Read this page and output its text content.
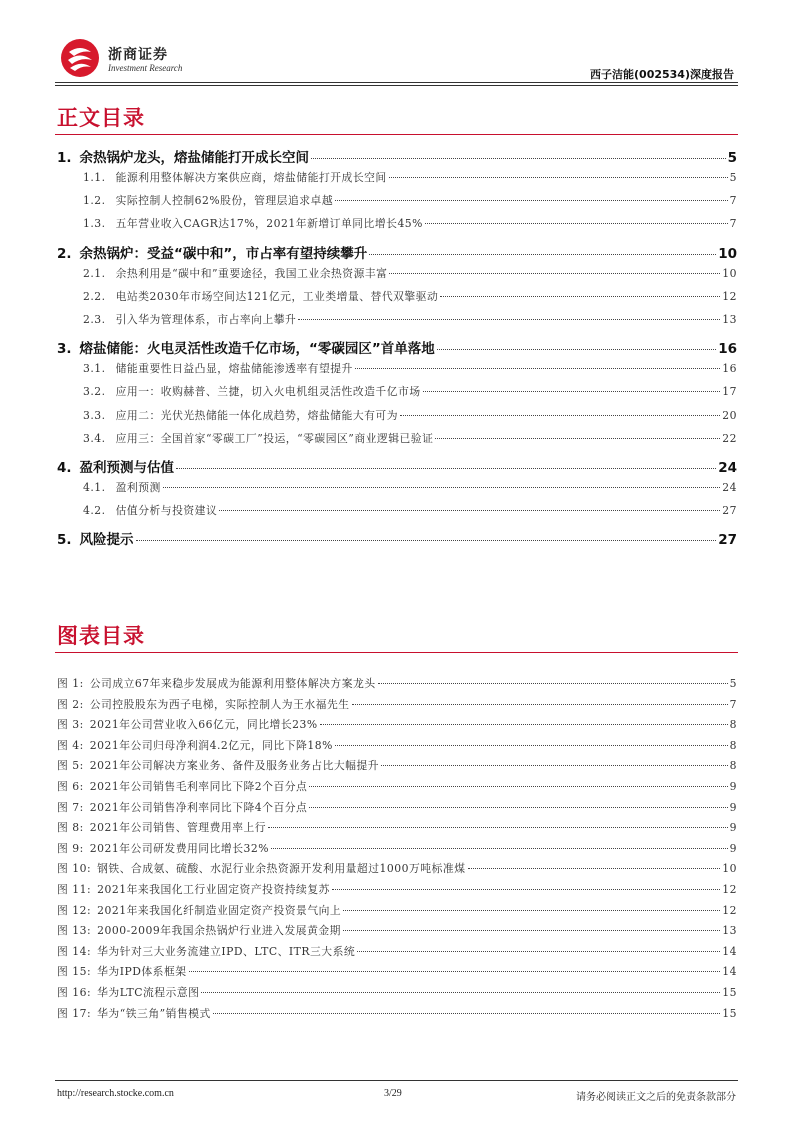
浙商证券
Investment Research	西子洁能(002534)深度报告
正文目录
1. 余热锅炉龙头，熔盐储能打开成长空间	5
1.1. 能源利用整体解决方案供应商，熔盐储能打开成长空间	5
1.2. 实际控制人控制62%股份，管理层追求卓越	7
1.3. 五年营业收入CAGR达17%，2021年新增订单同比增长45%	7
2. 余热锅炉：受益“碳中和”，市占率有望持续攀升	10
2.1. 余热利用是“碳中和”重要途径，我国工业余热资源丰富	10
2.2. 电站类2030年市场空间达121亿元，工业类增量、替代双擎驱动	12
2.3. 引入华为管理体系，市占率向上攀升	13
3. 熔盐储能：火电灵活性改造千亿市场，“零碳园区”首单落地	16
3.1. 储能重要性日益凸显，熔盐储能渗透率有望提升	16
3.2. 应用一：收购赫普、兰捷，切入火电机组灵活性改造千亿市场	17
3.3. 应用二：光伏光热储能一体化成趋势，熔盐储能大有可为	20
3.4. 应用三：全国首家“零碳工厂”投运，“零碳园区”商业逻辑已验证	22
4. 盈利预测与估值	24
4.1. 盈利预测	24
4.2. 估值分析与投资建议	27
5. 风险提示	27
图表目录
图 1: 公司成立67年来稳步发展成为能源利用整体解决方案龙头	5
图 2: 公司控股股东为西子电梯，实际控制人为王水福先生	7
图 3: 2021年公司营业收入66亿元，同比增长23%	8
图 4: 2021年公司归母净利润4.2亿元，同比下降18%	8
图 5: 2021年公司解决方案业务、备件及服务业务占比大幅提升	8
图 6: 2021年公司销售毛利率同比下降2个百分点	9
图 7: 2021年公司销售净利率同比下降4个百分点	9
图 8: 2021年公司销售、管理费用率上行	9
图 9: 2021年公司研发费用同比增长32%	9
图 10: 钢铁、合成氨、硫酸、水泥行业余热资源开发利用量超过1000万吨标准煤	10
图 11: 2021年来我国化工行业固定资产投资持续复苏	12
图 12: 2021年来我国化纤制造业固定资产投资景气向上	12
图 13: 2000-2009年我国余热锅炉行业进入发展黄金期	13
图 14: 华为针对三大业务流建立IPD、LTC、ITR三大系统	14
图 15: 华为IPD体系框架	14
图 16: 华为LTC流程示意图	15
图 17: 华为“铁三角”销售模式	15
http://research.stocke.com.cn	3/29	请务必阅读正文之后的免责条款部分
